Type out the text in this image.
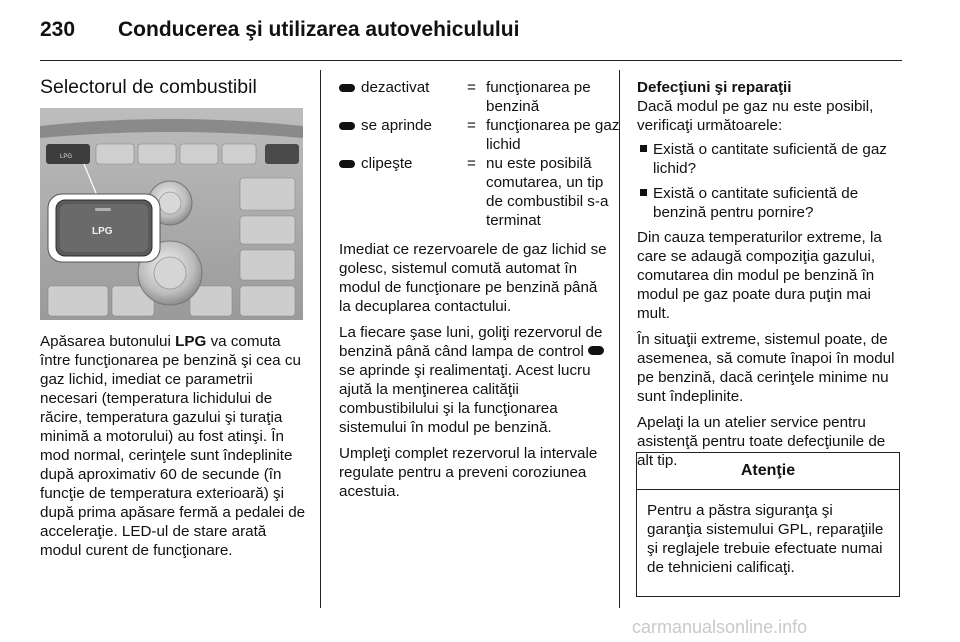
230 Conducerea şi utilizarea autovehiculului
Selectorul de combustibil
LPG
LPG

Apăsarea butonului LPG va comuta între funcţionarea pe benzină şi cea cu gaz lichid, imediat ce parametrii necesari (temperatura lichidului de răcire, temperatura gazului şi turaţia minimă a motorului) au fost atinşi. În mod normal, cerinţele sunt îndeplinite după aproximativ 60 de secunde (în funcţie de temperatura exterioară) şi după prima apăsare fermă a pedalei de acceleraţie. LED-ul de stare arată modul curent de funcţionare.

dezactivat = funcţionarea pe benzină
se aprinde = funcţionarea pe gaz lichid
clipeşte	= nu este posibilă comutarea, un tip de combustibil s-a terminat

Imediat ce rezervoarele de gaz lichid se golesc, sistemul comută automat în modul de funcţionare pe benzină până la decuplarea contactului.

La fiecare şase luni, goliţi rezervorul de benzină până când lampa de control  se aprinde şi realimentaţi. Acest lucru ajută la menţinerea calităţii combustibilului şi la funcţionarea sistemului în modul pe benzină.

Umpleţi complet rezervorul la intervale regulate pentru a preveni coroziunea acestuia.

Defecţiuni şi reparaţii
Dacă modul pe gaz nu este posibil, verificaţi următoarele:

Există o cantitate suficientă de gaz lichid?
Există o cantitate suficientă de benzină pentru pornire?

Din cauza temperaturilor extreme, la care se adaugă compoziţia gazului, comutarea din modul pe benzină în modul pe gaz poate dura puţin mai mult.

În situaţii extreme, sistemul poate, de asemenea, să comute înapoi în modul pe benzină, dacă cerinţele minime nu sunt îndeplinite.

Apelaţi la un atelier service pentru asistenţă pentru toate defecţiunile de alt tip.

Atenţie
Pentru a păstra siguranţa şi garanţia sistemului GPL, reparaţiile şi reglajele trebuie efectuate numai de tehnicieni calificaţi.
carmanualsonline.info
